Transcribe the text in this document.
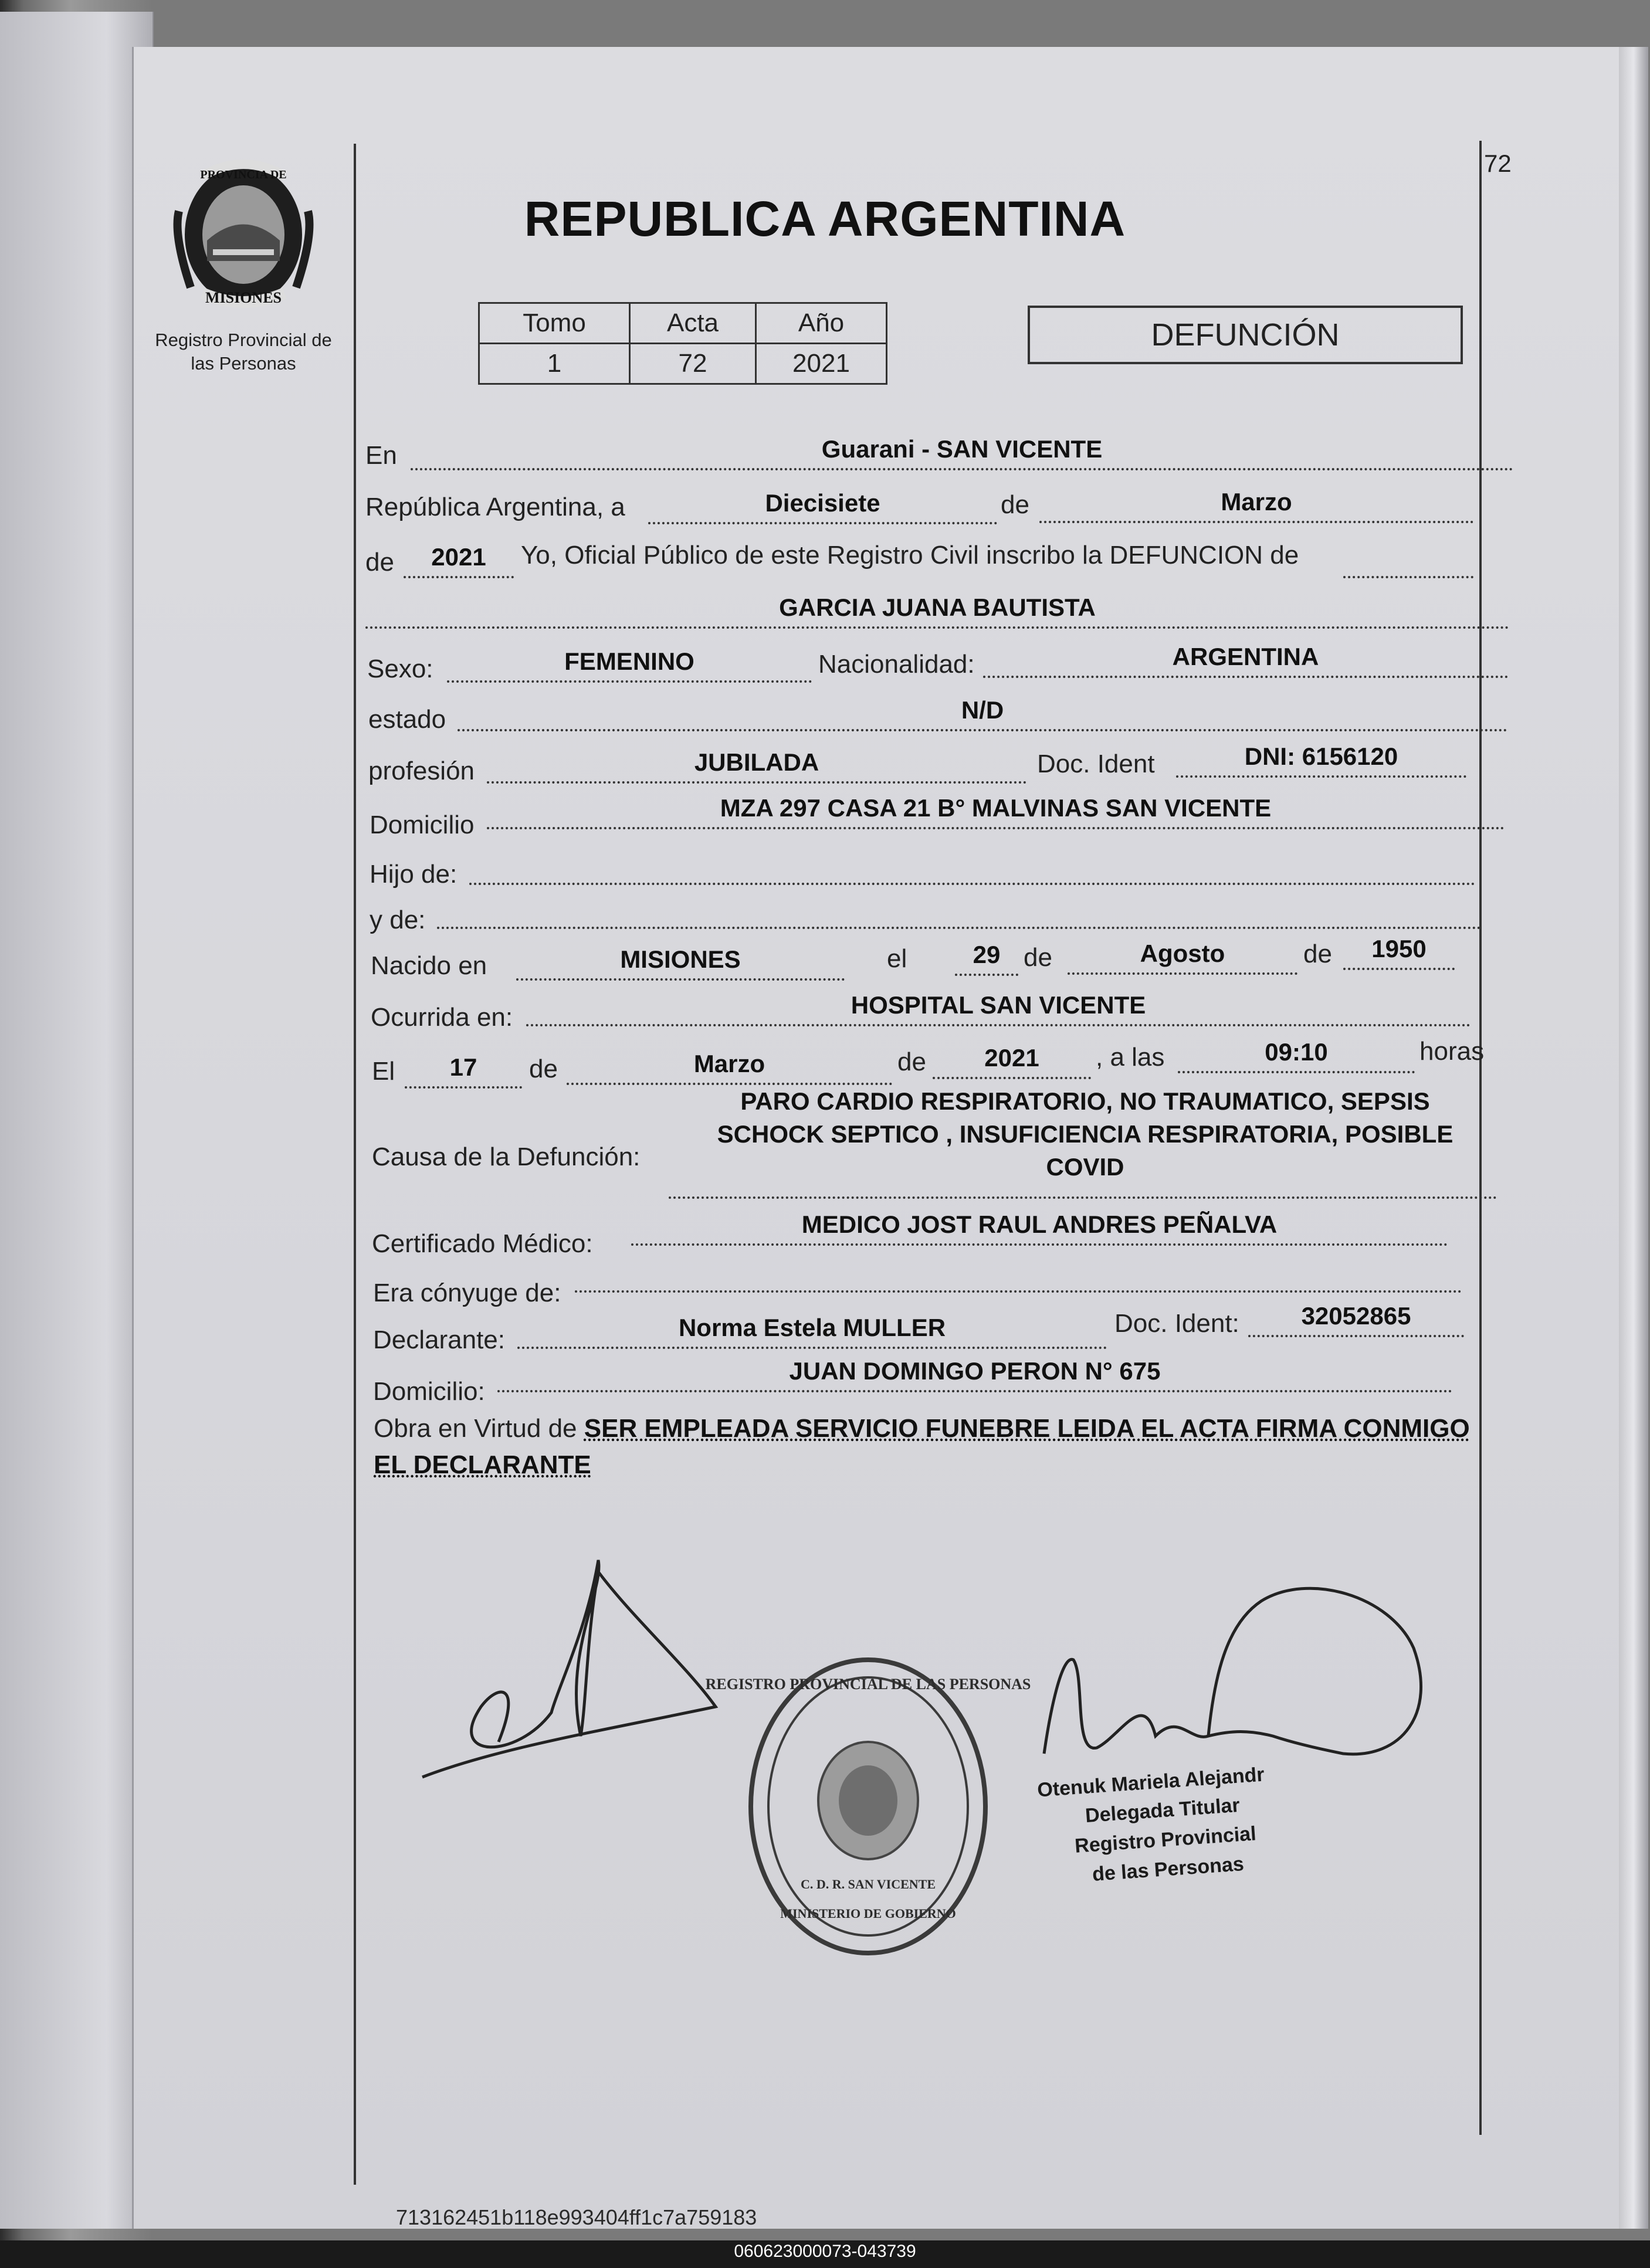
PROVINCIA DE
MISIONES
Registro Provincial de las Personas
72
REPUBLICA ARGENTINA
Tomo	Acta	Año
1	72	2021
DEFUNCIÓN
En	Guarani - SAN VICENTE
República Argentina, a	Diecisiete	de	Marzo
de	2021	Yo, Oficial Público de este Registro Civil inscribo la DEFUNCION de
GARCIA JUANA BAUTISTA
Sexo:	FEMENINO	Nacionalidad:	ARGENTINA
estado	N/D
profesión	JUBILADA	Doc. Ident	DNI: 6156120
Domicilio
MZA 297 CASA 21 B° MALVINAS SAN VICENTE
Hijo de:
y de:
Nacido en	MISIONES	el	29 de	Agosto	de	1950
Ocurrida en:	HOSPITAL SAN VICENTE
El	17	de	Marzo	de	2021	, a las	09:10	horas
Causa de la Defunción:
PARO CARDIO RESPIRATORIO, NO TRAUMATICO, SEPSIS
SCHOCK SEPTICO , INSUFICIENCIA RESPIRATORIA, POSIBLE
COVID
Certificado Médico:
MEDICO JOST RAUL ANDRES PEÑALVA
Era cónyuge de:
Declarante:	Norma Estela MULLER	Doc. Ident:	32052865
Domicilio:
JUAN DOMINGO PERON N° 675
Obra en Virtud de SER EMPLEADA SERVICIO FUNEBRE LEIDA EL ACTA FIRMA CONMIGO EL DECLARANTE
REGISTRO PROVINCIAL DE LAS PERSONAS
C. D. R. SAN VICENTE
MINISTERIO DE GOBIERNO
Otenuk Mariela Alejandr
Delegada Titular
Registro Provincial
de las Personas
713162451b118e993404ff1c7a759183
060623000073-043739
